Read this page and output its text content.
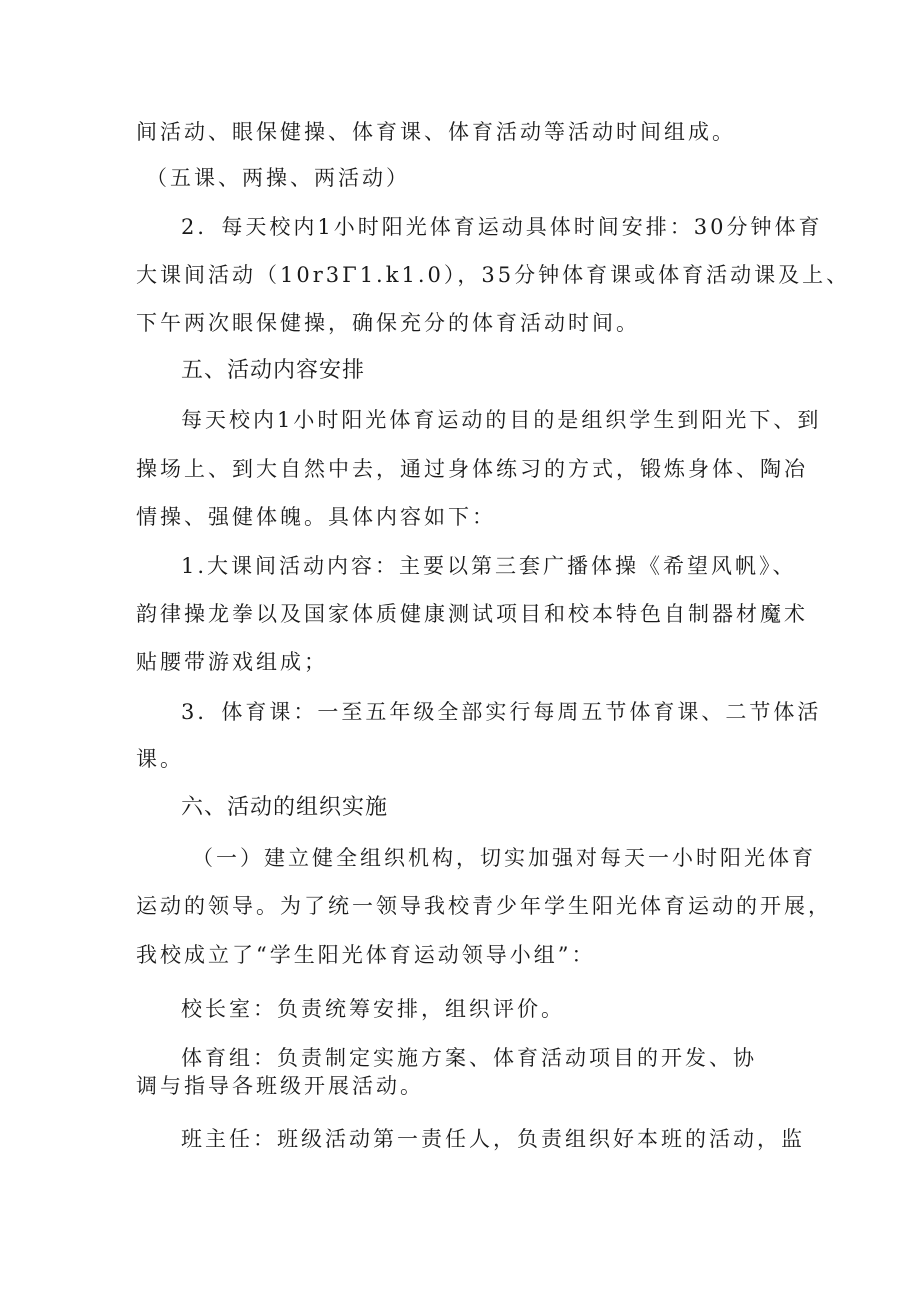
间活动、眼保健操、体育课、体育活动等活动时间组成。
（五课、两操、两活动）
2．每天校内1小时阳光体育运动具体时间安排：30分钟体育
大课间活动（10r3Γ1.k1.0），35分钟体育课或体育活动课及上、
下午两次眼保健操，确保充分的体育活动时间。
五、活动内容安排
每天校内1小时阳光体育运动的目的是组织学生到阳光下、到
操场上、到大自然中去，通过身体练习的方式，锻炼身体、陶冶
情操、强健体魄。具体内容如下：
1.大课间活动内容：主要以第三套广播体操《希望风帆》、
韵律操龙拳以及国家体质健康测试项目和校本特色自制器材魔术
贴腰带游戏组成；
3．体育课：一至五年级全部实行每周五节体育课、二节体活
课。
六、活动的组织实施
（一）建立健全组织机构，切实加强对每天一小时阳光体育
运动的领导。为了统一领导我校青少年学生阳光体育运动的开展，
我校成立了“学生阳光体育运动领导小组”：
校长室：负责统筹安排，组织评价。
体育组：负责制定实施方案、体育活动项目的开发、协
调与指导各班级开展活动。
班主任：班级活动第一责任人，负责组织好本班的活动，监
